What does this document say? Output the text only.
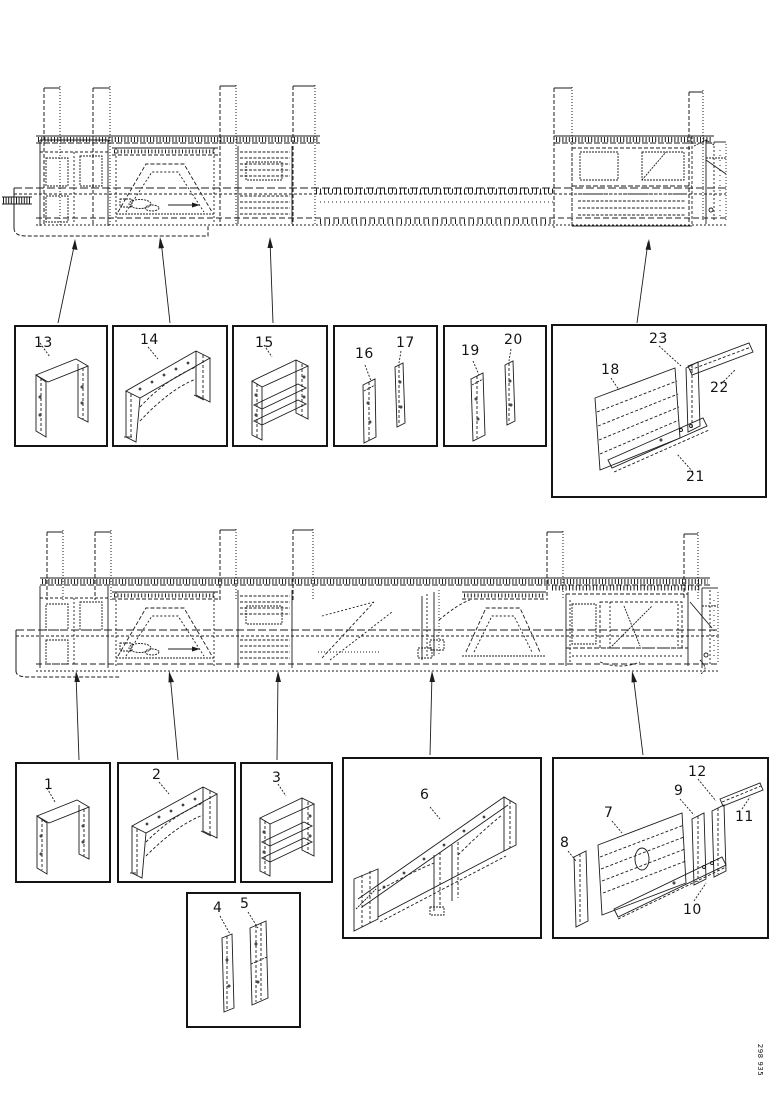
13	14	15
16
17	19
20
18
23
22
21
1
2	3
6
8
7
9
12
11
10
4 5
298 935
